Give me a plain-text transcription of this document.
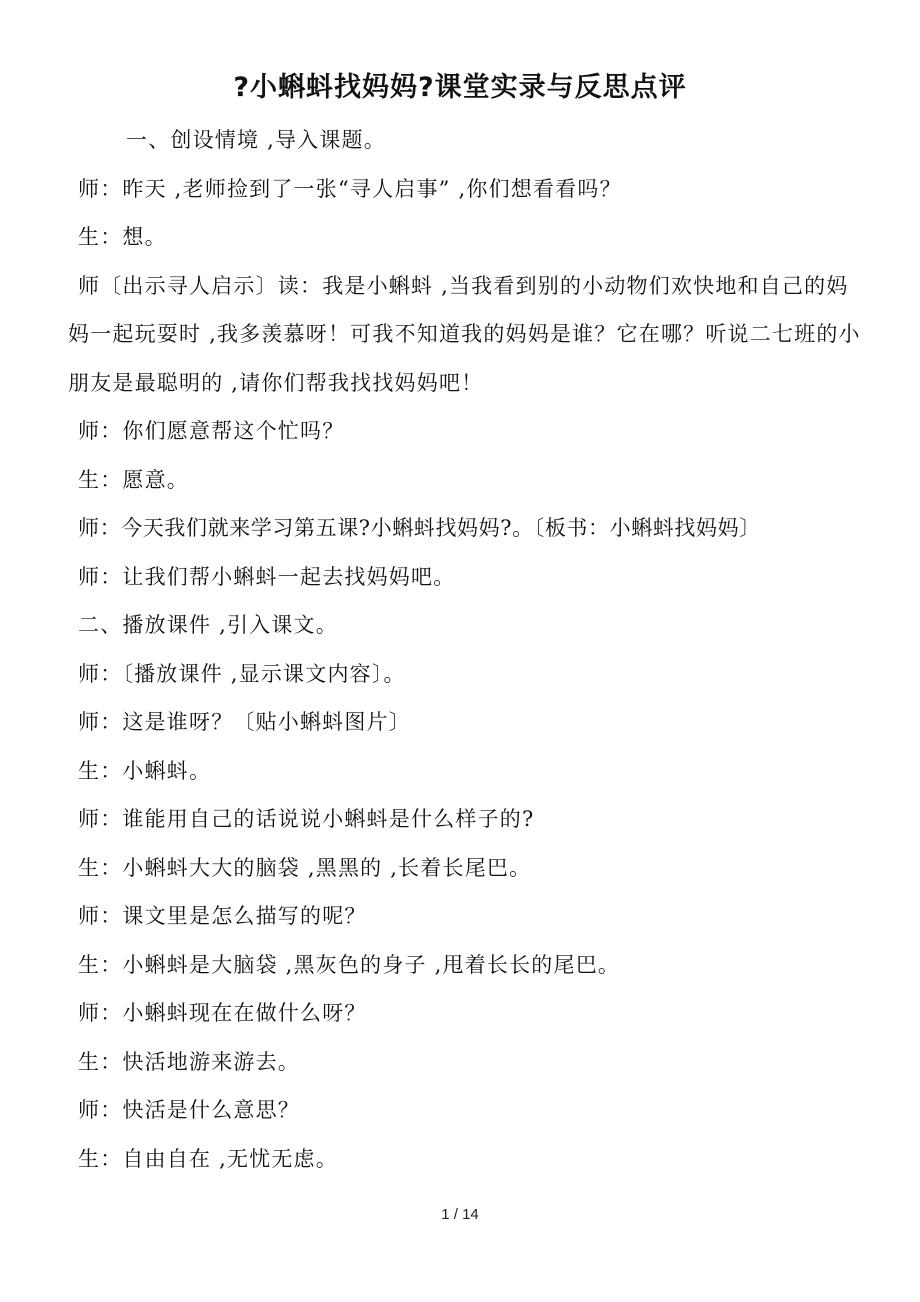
?小蝌蚪找妈妈?课堂实录与反思点评

一、创设情境 ,导入课题。

师：昨天 ,老师捡到了一张“寻人启事” ,你们想看看吗？

生：想。

师〔出示寻人启示〕读：我是小蝌蚪 ,当我看到别的小动物们欢快地和自己的妈妈一起玩耍时 ,我多羡慕呀！可我不知道我的妈妈是谁？它在哪？听说二七班的小朋友是最聪明的 ,请你们帮我找找妈妈吧！

师：你们愿意帮这个忙吗？

生：愿意。

师：今天我们就来学习第五课?小蝌蚪找妈妈?。〔板书：小蝌蚪找妈妈〕

师：让我们帮小蝌蚪一起去找妈妈吧。

二、播放课件 ,引入课文。

师：〔播放课件 ,显示课文内容〕。

师：这是谁呀？〔贴小蝌蚪图片〕

生：小蝌蚪。

师：谁能用自己的话说说小蝌蚪是什么样子的?

生：小蝌蚪大大的脑袋 ,黑黑的 ,长着长尾巴。

师：课文里是怎么描写的呢？

生：小蝌蚪是大脑袋 ,黑灰色的身子 ,甩着长长的尾巴。

师：小蝌蚪现在在做什么呀？

生：快活地游来游去。

师：快活是什么意思？

生：自由自在 ,无忧无虑。

1 / 14
